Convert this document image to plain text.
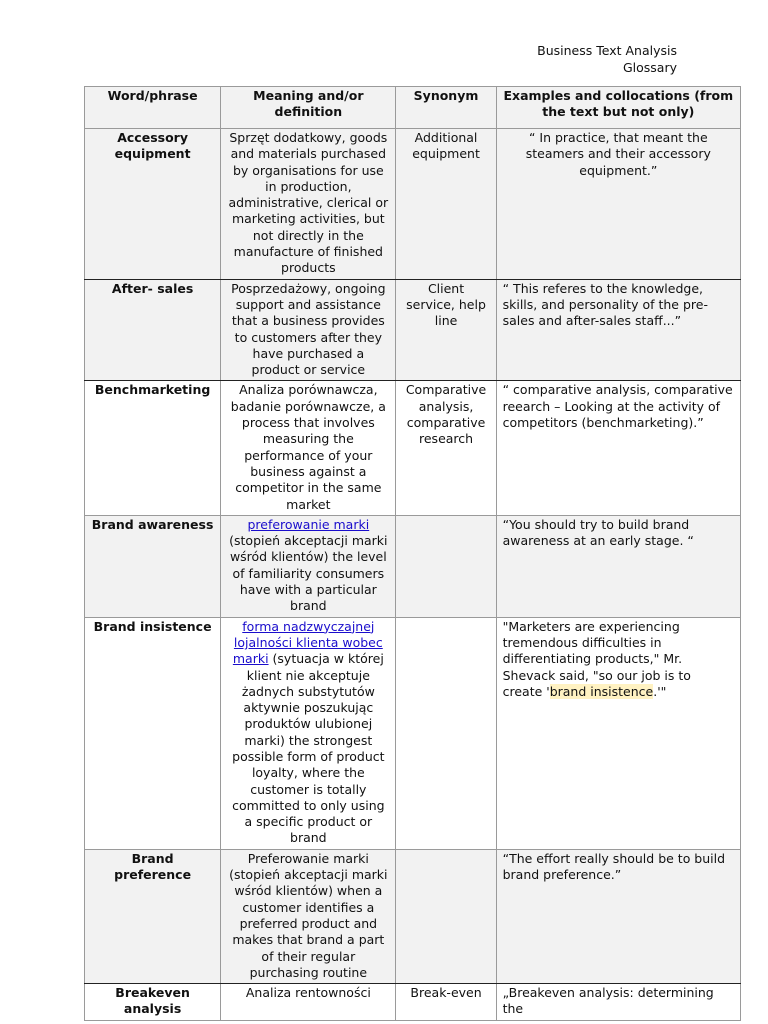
Business Text Analysis
Glossary
Word/phrase	Meaning and/or definition	Synonym	Examples and collocations (from the text but not only)
Accessory equipment	Sprzęt dodatkowy, goods and materials purchased by organisations for use in production, administrative, clerical or marketing activities, but not directly in the manufacture of finished products	Additional equipment	“ In practice, that meant the steamers and their accessory equipment.”
After- sales	Posprzedażowy, ongoing support and assistance that a business provides to customers after they have purchased a product or service	Client service, help line	“ This referes to the knowledge, skills, and personality of the pre-sales and after-sales staff...”
Benchmarketing	Analiza porównawcza, badanie porównawcze, a process that involves measuring the performance of your business against a competitor in the same market	Comparative analysis, comparative research	“ comparative analysis, comparative reearch – Looking at the activity of competitors (benchmarketing).”
Brand awareness	preferowanie marki (stopień akceptacji marki wśród klientów) the level of familiarity consumers have with a particular brand		“You should try to build brand awareness at an early stage. “
Brand insistence	forma nadzwyczajnej lojalności klienta wobec marki (sytuacja w której klient nie akceptuje żadnych substytutów aktywnie poszukując produktów ulubionej marki) the strongest possible form of product loyalty, where the customer is totally committed to only using a specific product or brand		"Marketers are experiencing tremendous difficulties in differentiating products," Mr. Shevack said, "so our job is to create 'brand insistence.'"
Brand preference	Preferowanie marki (stopień akceptacji marki wśród klientów) when a customer identifies a preferred product and makes that brand a part of their regular purchasing routine		“The effort really should be to build brand preference.”
Breakeven analysis	Analiza rentowności	Break-even	„Breakeven analysis: determining the
